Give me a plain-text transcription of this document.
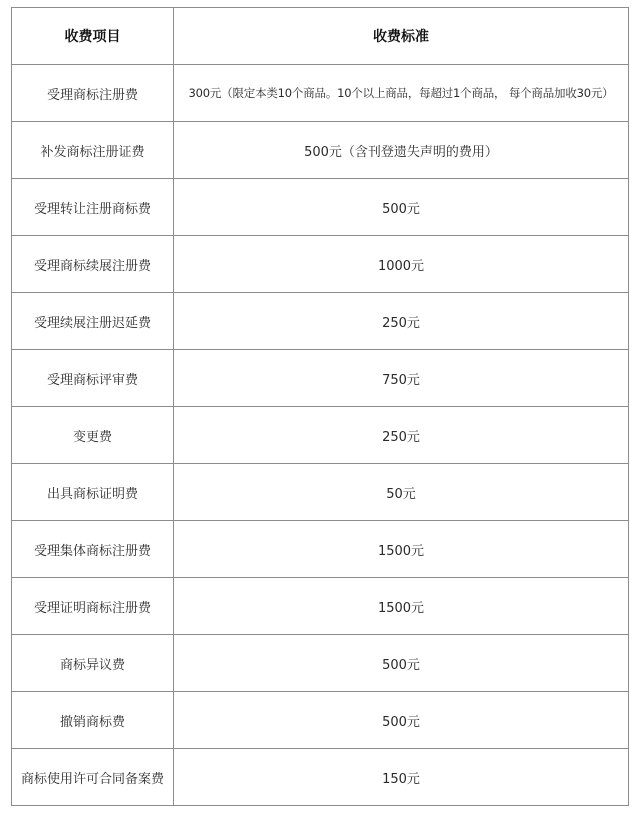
收费项目	收费标准
受理商标注册费	300元（限定本类10个商品。10个以上商品，每超过1个商品， 每个商品加收30元）
补发商标注册证费	500元（含刊登遗失声明的费用）
受理转让注册商标费	500元
受理商标续展注册费	1000元
受理续展注册迟延费	250元
受理商标评审费	750元
变更费	250元
出具商标证明费	50元
受理集体商标注册费	1500元
受理证明商标注册费	1500元
商标异议费	500元
撤销商标费	500元
商标使用许可合同备案费	150元
